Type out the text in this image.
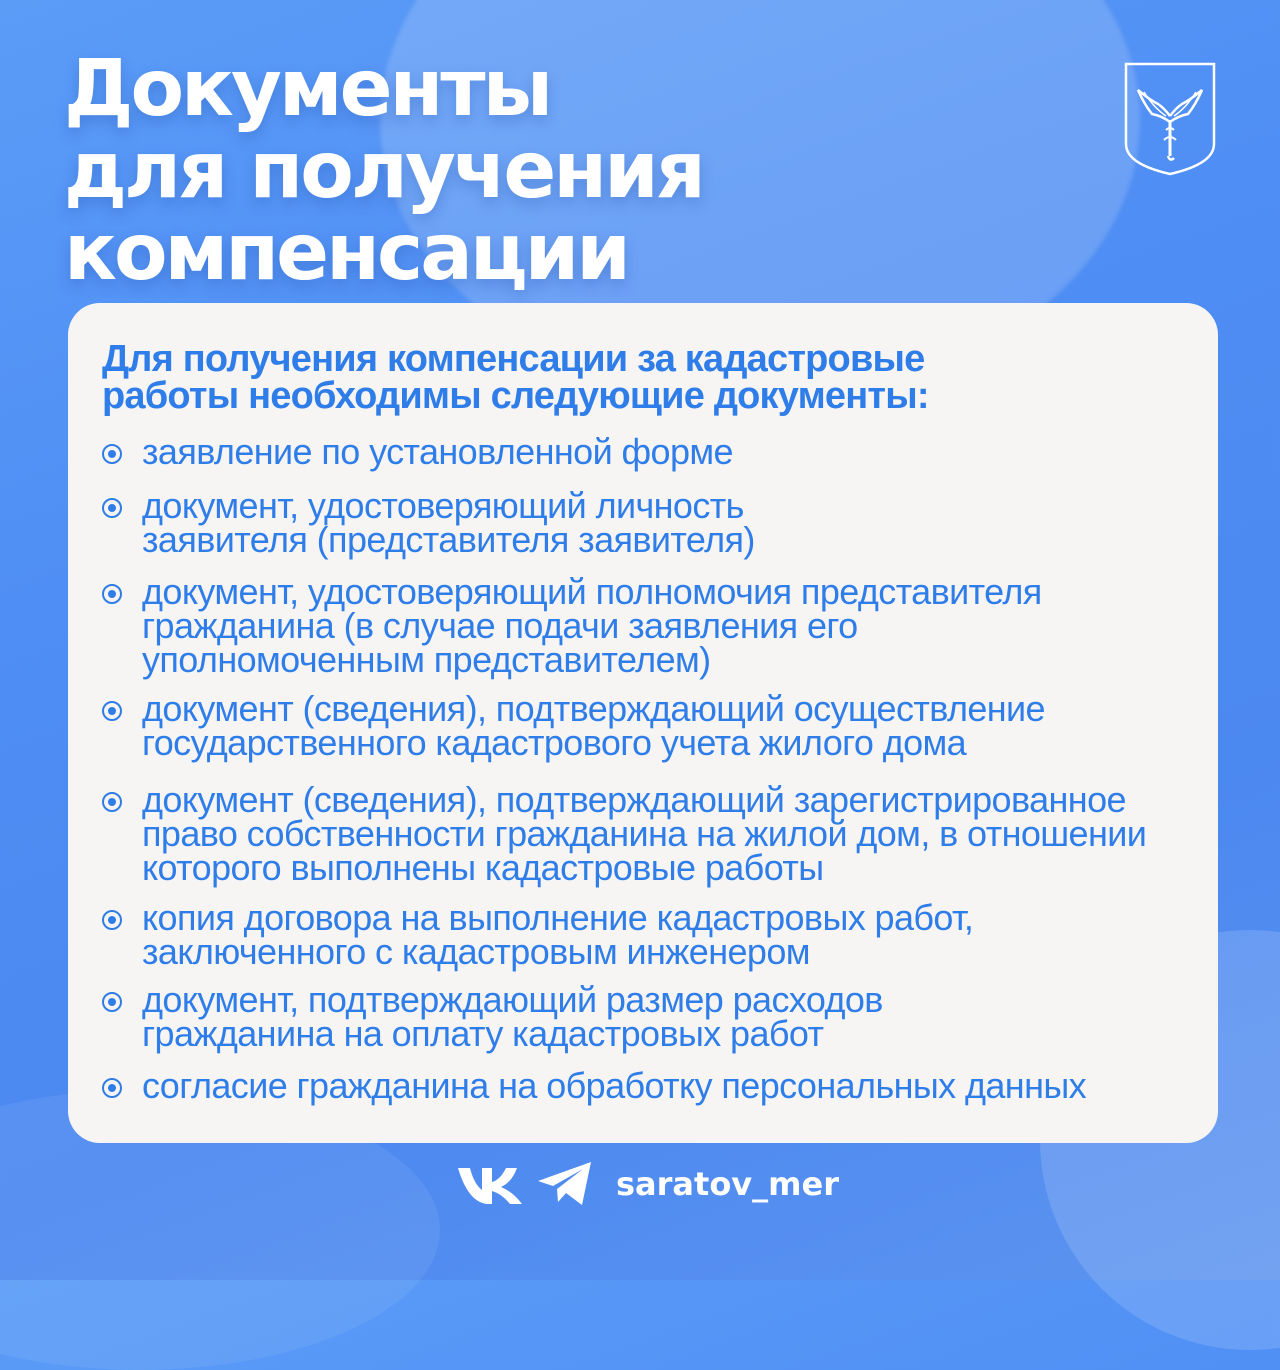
Документы
для получения
компенсации
Для получения компенсации за кадастровые работы необходимы следующие документы:
заявление по установленной форме
документ, удостоверяющий личность заявителя (представителя заявителя)
документ, удостоверяющий полномочия представителя гражданина (в случае подачи заявления его уполномоченным представителем)
документ (сведения), подтверждающий осуществление государственного кадастрового учета жилого дома
документ (сведения), подтверждающий зарегистрированное право собственности гражданина на жилой дом, в отношении которого выполнены кадастровые работы
копия договора на выполнение кадастровых работ, заключенного с кадастровым инженером
документ, подтверждающий размер расходов гражданина на оплату кадастровых работ
согласие гражданина на обработку персональных данных
saratov_mer
